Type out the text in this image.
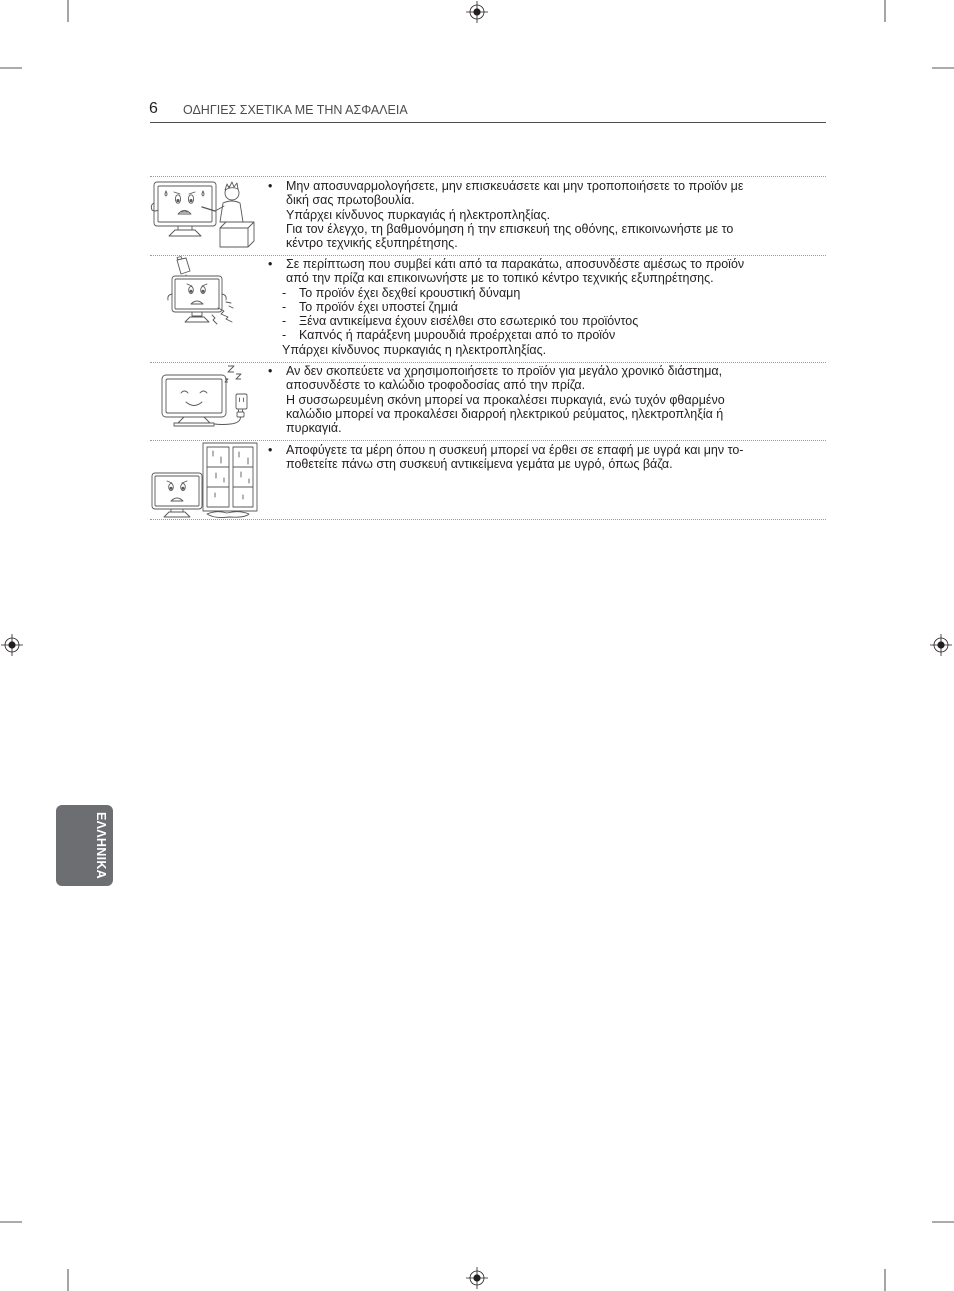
6 ΟΔΗΓΙΕΣ ΣΧΕΤΙΚΑ ΜΕ ΤΗΝ ΑΣΦΑΛΕΙΑ
• Μην αποσυναρμολογήσετε, μην επισκευάσετε και μην τροποποιήσετε το προϊόν με
δική σας πρωτοβουλία.
Υπάρχει κίνδυνος πυρκαγιάς ή ηλεκτροπληξίας.
Για τον έλεγχο, τη βαθμονόμηση ή την επισκευή της οθόνης, επικοινωνήστε με το
κέντρο τεχνικής εξυπηρέτησης.
• Σε περίπτωση που συμβεί κάτι από τα παρακάτω, αποσυνδέστε αμέσως το προϊόν
από την πρίζα και επικοινωνήστε με το τοπικό κέντρο τεχνικής εξυπηρέτησης.
- Το προϊόν έχει δεχθεί κρουστική δύναμη
- Το προϊόν έχει υποστεί ζημιά
- Ξένα αντικείμενα έχουν εισέλθει στο εσωτερικό του προϊόντος
- Καπνός ή παράξενη μυρουδιά προέρχεται από το προϊόν
Υπάρχει κίνδυνος πυρκαγιάς η ηλεκτροπληξίας.
• Αν δεν σκοπεύετε να χρησιμοποιήσετε το προϊόν για μεγάλο χρονικό διάστημα,
αποσυνδέστε το καλώδιο τροφοδοσίας από την πρίζα.
Η συσσωρευμένη σκόνη μπορεί να προκαλέσει πυρκαγιά, ενώ τυχόν φθαρμένο
καλώδιο μπορεί να προκαλέσει διαρροή ηλεκτρικού ρεύματος, ηλεκτροπληξία ή
πυρκαγιά.
• Αποφύγετε τα μέρη όπου η συσκευή μπορεί να έρθει σε επαφή με υγρά και μην το-
ποθετείτε πάνω στη συσκευή αντικείμενα γεμάτα με υγρό, όπως βάζα.
ΕΛΛΗΝΙΚΑ
